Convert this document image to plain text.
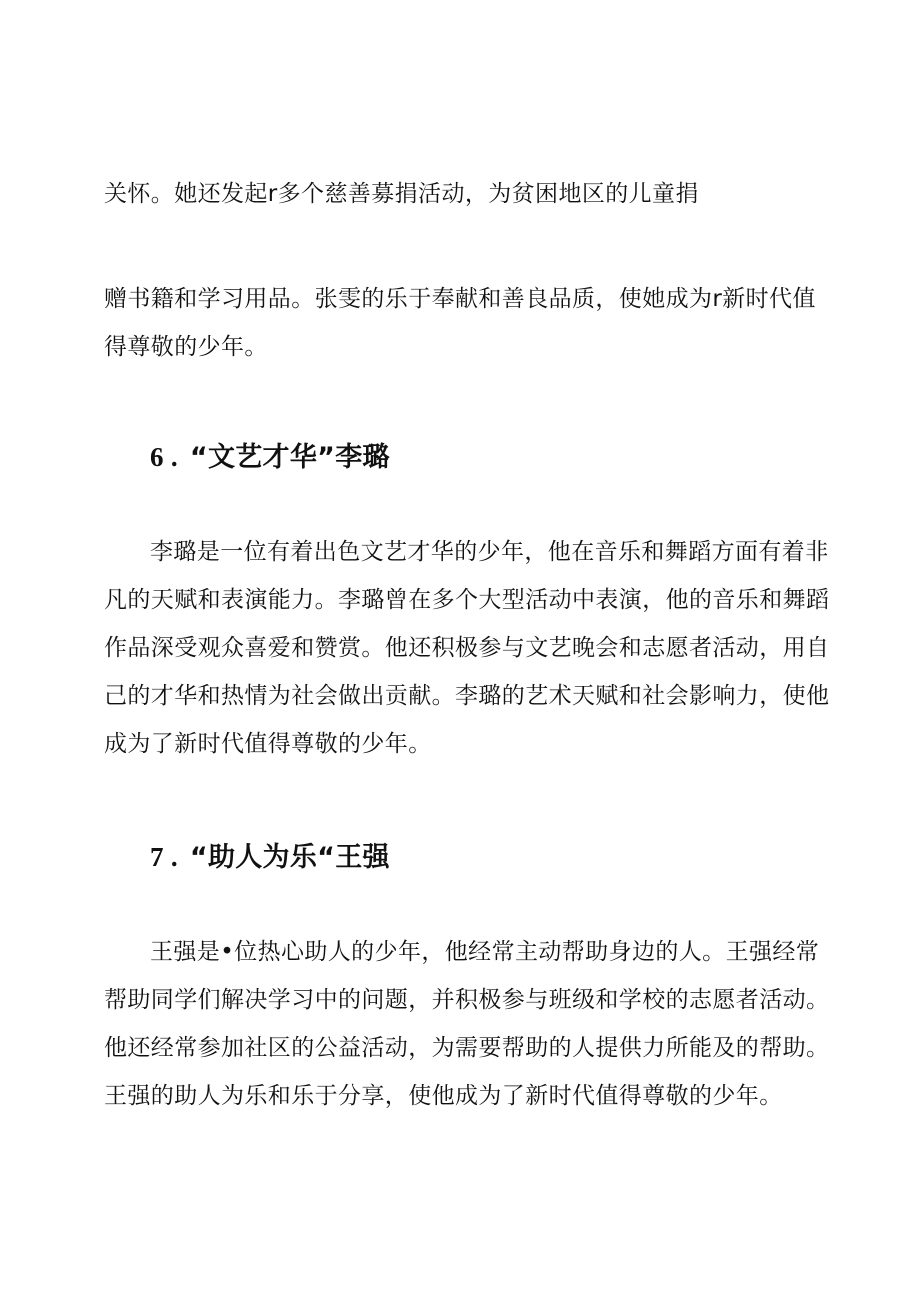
关怀。她还发起r多个慈善募捐活动，为贫困地区的儿童捐
赠书籍和学习用品。张雯的乐于奉献和善良品质，使她成为r新时代值
得尊敬的少年。
6 . “文艺才华”李璐
李璐是一位有着出色文艺才华的少年，他在音乐和舞蹈方面有着非
凡的天赋和表演能力。李璐曾在多个大型活动中表演，他的音乐和舞蹈
作品深受观众喜爱和赞赏。他还积极参与文艺晚会和志愿者活动，用自
己的才华和热情为社会做出贡献。李璐的艺术天赋和社会影响力，使他
成为了新时代值得尊敬的少年。
7 . “助人为乐“王强
王强是•位热心助人的少年，他经常主动帮助身边的人。王强经常
帮助同学们解决学习中的问题，并积极参与班级和学校的志愿者活动。
他还经常参加社区的公益活动，为需要帮助的人提供力所能及的帮助。
王强的助人为乐和乐于分享，使他成为了新时代值得尊敬的少年。
